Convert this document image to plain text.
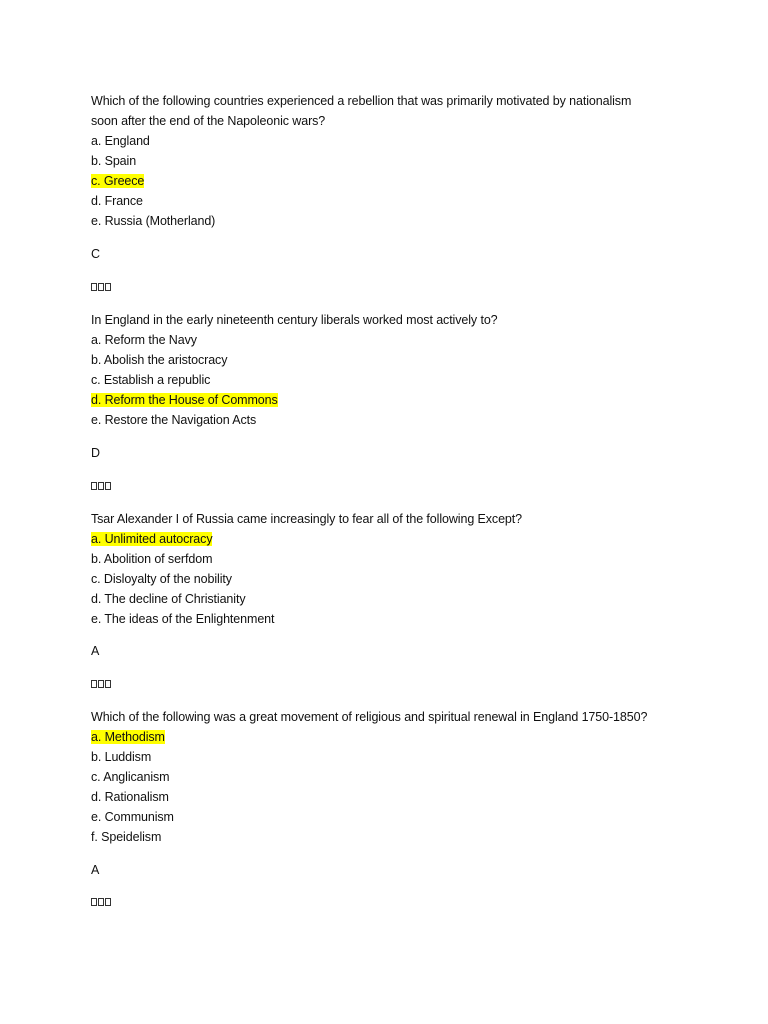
Which of the following countries experienced a rebellion that was primarily motivated by nationalism
soon after the end of the Napoleonic wars?
a. England
b. Spain
c. Greece
d. France
e. Russia (Motherland)
C
In England in the early nineteenth century liberals worked most actively to?
a. Reform the Navy
b. Abolish the aristocracy
c. Establish a republic
d. Reform the House of Commons
e. Restore the Navigation Acts
D
Tsar Alexander I of Russia came increasingly to fear all of the following Except?
a. Unlimited autocracy
b. Abolition of serfdom
c. Disloyalty of the nobility
d. The decline of Christianity
e. The ideas of the Enlightenment
A
Which of the following was a great movement of religious and spiritual renewal in England 1750-1850?
a. Methodism
b. Luddism
c. Anglicanism
d. Rationalism
e. Communism
f. Speidelism
A
